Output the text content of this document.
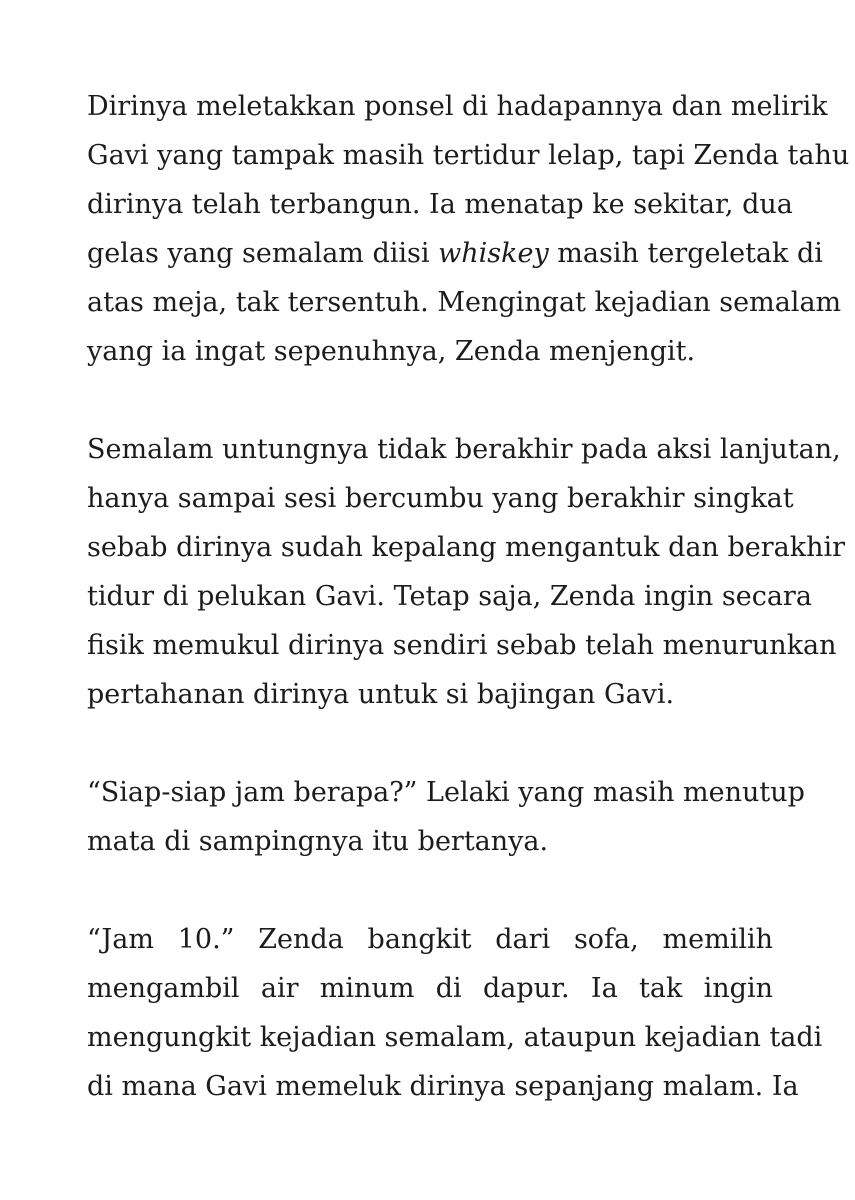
Dirinya meletakkan ponsel di hadapannya dan melirik
Gavi yang tampak masih tertidur lelap, tapi Zenda tahu
dirinya telah terbangun. Ia menatap ke sekitar, dua
gelas yang semalam diisi whiskey masih tergeletak di
atas meja, tak tersentuh. Mengingat kejadian semalam
yang ia ingat sepenuhnya, Zenda menjengit.
Semalam untungnya tidak berakhir pada aksi lanjutan,
hanya sampai sesi bercumbu yang berakhir singkat
sebab dirinya sudah kepalang mengantuk dan berakhir
tidur di pelukan Gavi. Tetap saja, Zenda ingin secara
fisik memukul dirinya sendiri sebab telah menurunkan
pertahanan dirinya untuk si bajingan Gavi.
“Siap-siap jam berapa?” Lelaki yang masih menutup
mata di sampingnya itu bertanya.
“Jam 10.” Zenda bangkit dari sofa, memilih
mengambil air minum di dapur. Ia tak ingin
mengungkit kejadian semalam, ataupun kejadian tadi
di mana Gavi memeluk dirinya sepanjang malam. Ia
